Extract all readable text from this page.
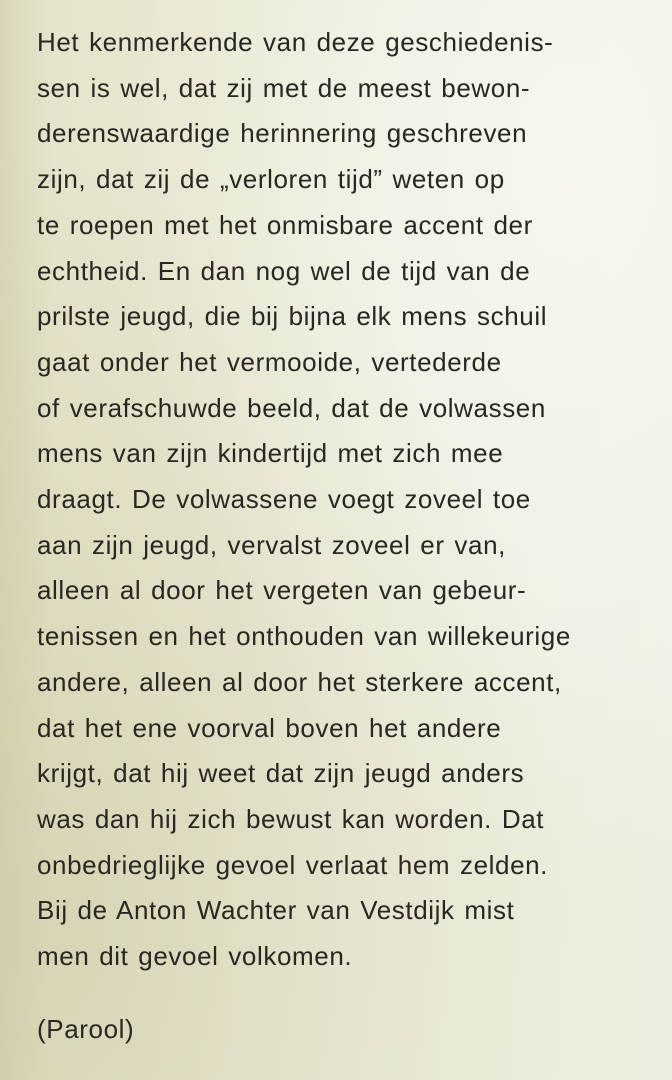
Het kenmerkende van deze geschiedenis-
sen is wel, dat zij met de meest bewon-
derenswaardige herinnering geschreven
zijn, dat zij de „verloren tijd” weten op
te roepen met het onmisbare accent der
echtheid. En dan nog wel de tijd van de
prilste jeugd, die bij bijna elk mens schuil
gaat onder het vermooide, vertederde
of verafschuwde beeld, dat de volwassen
mens van zijn kindertijd met zich mee
draagt. De volwassene voegt zoveel toe
aan zijn jeugd, vervalst zoveel er van,
alleen al door het vergeten van gebeur-
tenissen en het onthouden van willekeurige
andere, alleen al door het sterkere accent,
dat het ene voorval boven het andere
krijgt, dat hij weet dat zijn jeugd anders
was dan hij zich bewust kan worden. Dat
onbedrieglijke gevoel verlaat hem zelden.
Bij de Anton Wachter van Vestdijk mist
men dit gevoel volkomen.
(Parool)
